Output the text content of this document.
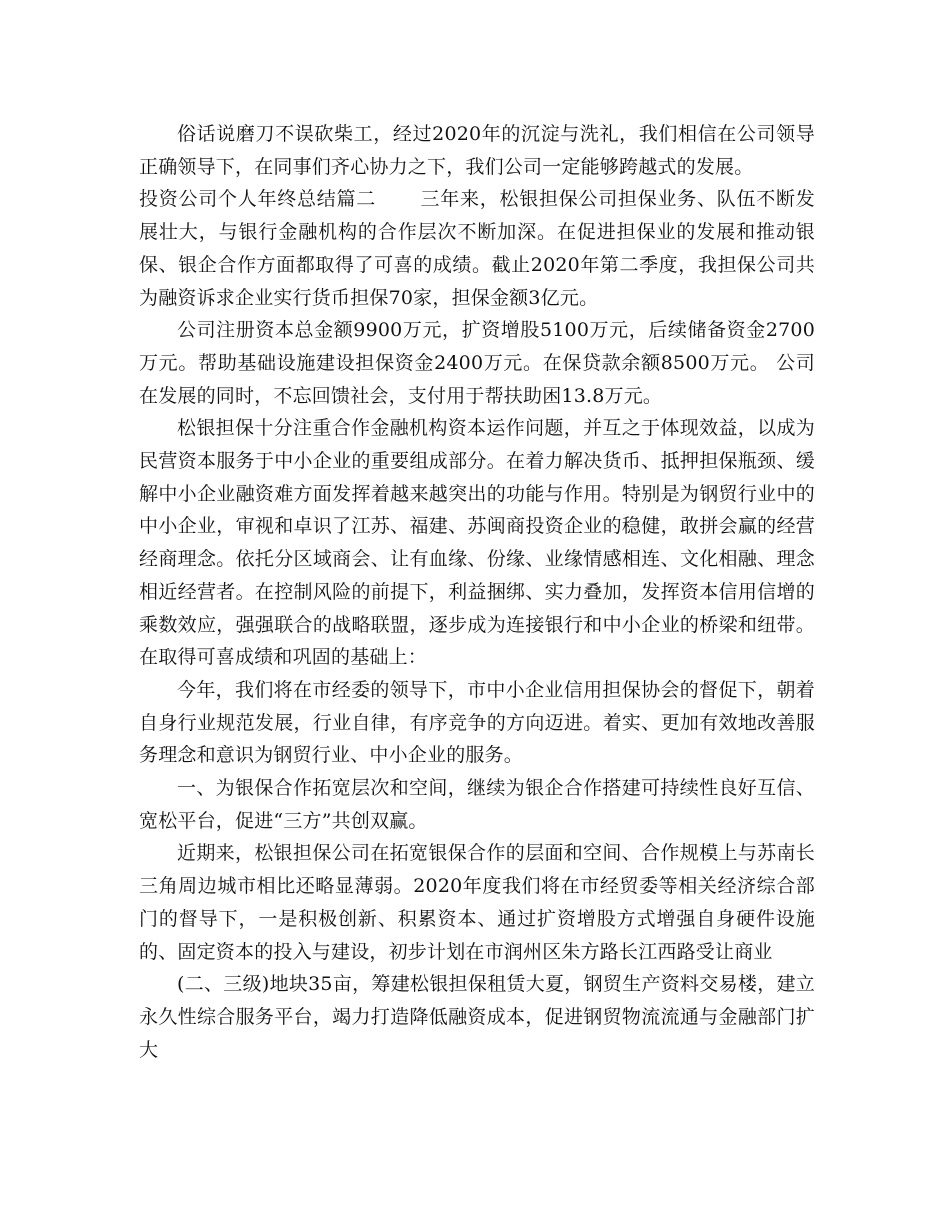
俗话说磨刀不误砍柴工，经过2020年的沉淀与洗礼，我们相信在公司领导正确领导下，在同事们齐心协力之下，我们公司一定能够跨越式的发展。

投资公司个人年终总结篇二 三年来，松银担保公司担保业务、队伍不断发展壮大，与银行金融机构的合作层次不断加深。在促进担保业的发展和推动银保、银企合作方面都取得了可喜的成绩。截止2020年第二季度，我担保公司共为融资诉求企业实行货币担保70家，担保金额3亿元。

公司注册资本总金额9900万元，扩资增股5100万元，后续储备资金2700万元。帮助基础设施建设担保资金2400万元。在保贷款余额8500万元。 公司在发展的同时，不忘回馈社会，支付用于帮扶助困13.8万元。

松银担保十分注重合作金融机构资本运作问题，并互之于体现效益，以成为民营资本服务于中小企业的重要组成部分。在着力解决货币、抵押担保瓶颈、缓解中小企业融资难方面发挥着越来越突出的功能与作用。特别是为钢贸行业中的中小企业，审视和卓识了江苏、福建、苏闽商投资企业的稳健，敢拼会赢的经营经商理念。依托分区域商会、让有血缘、份缘、业缘情感相连、文化相融、理念相近经营者。在控制风险的前提下，利益捆绑、实力叠加，发挥资本信用信增的乘数效应，强强联合的战略联盟，逐步成为连接银行和中小企业的桥梁和纽带。在取得可喜成绩和巩固的基础上：

今年，我们将在市经委的领导下，市中小企业信用担保协会的督促下，朝着自身行业规范发展，行业自律，有序竞争的方向迈进。着实、更加有效地改善服务理念和意识为钢贸行业、中小企业的服务。

一、为银保合作拓宽层次和空间，继续为银企合作搭建可持续性良好互信、宽松平台，促进“三方”共创双赢。

近期来，松银担保公司在拓宽银保合作的层面和空间、合作规模上与苏南长三角周边城市相比还略显薄弱。2020年度我们将在市经贸委等相关经济综合部门的督导下，一是积极创新、积累资本、通过扩资增股方式增强自身硬件设施的、固定资本的投入与建设，初步计划在市润州区朱方路长江西路受让商业

(二、三级)地块35亩，筹建松银担保租赁大夏，钢贸生产资料交易楼，建立永久性综合服务平台，竭力打造降低融资成本，促进钢贸物流流通与金融部门扩大
